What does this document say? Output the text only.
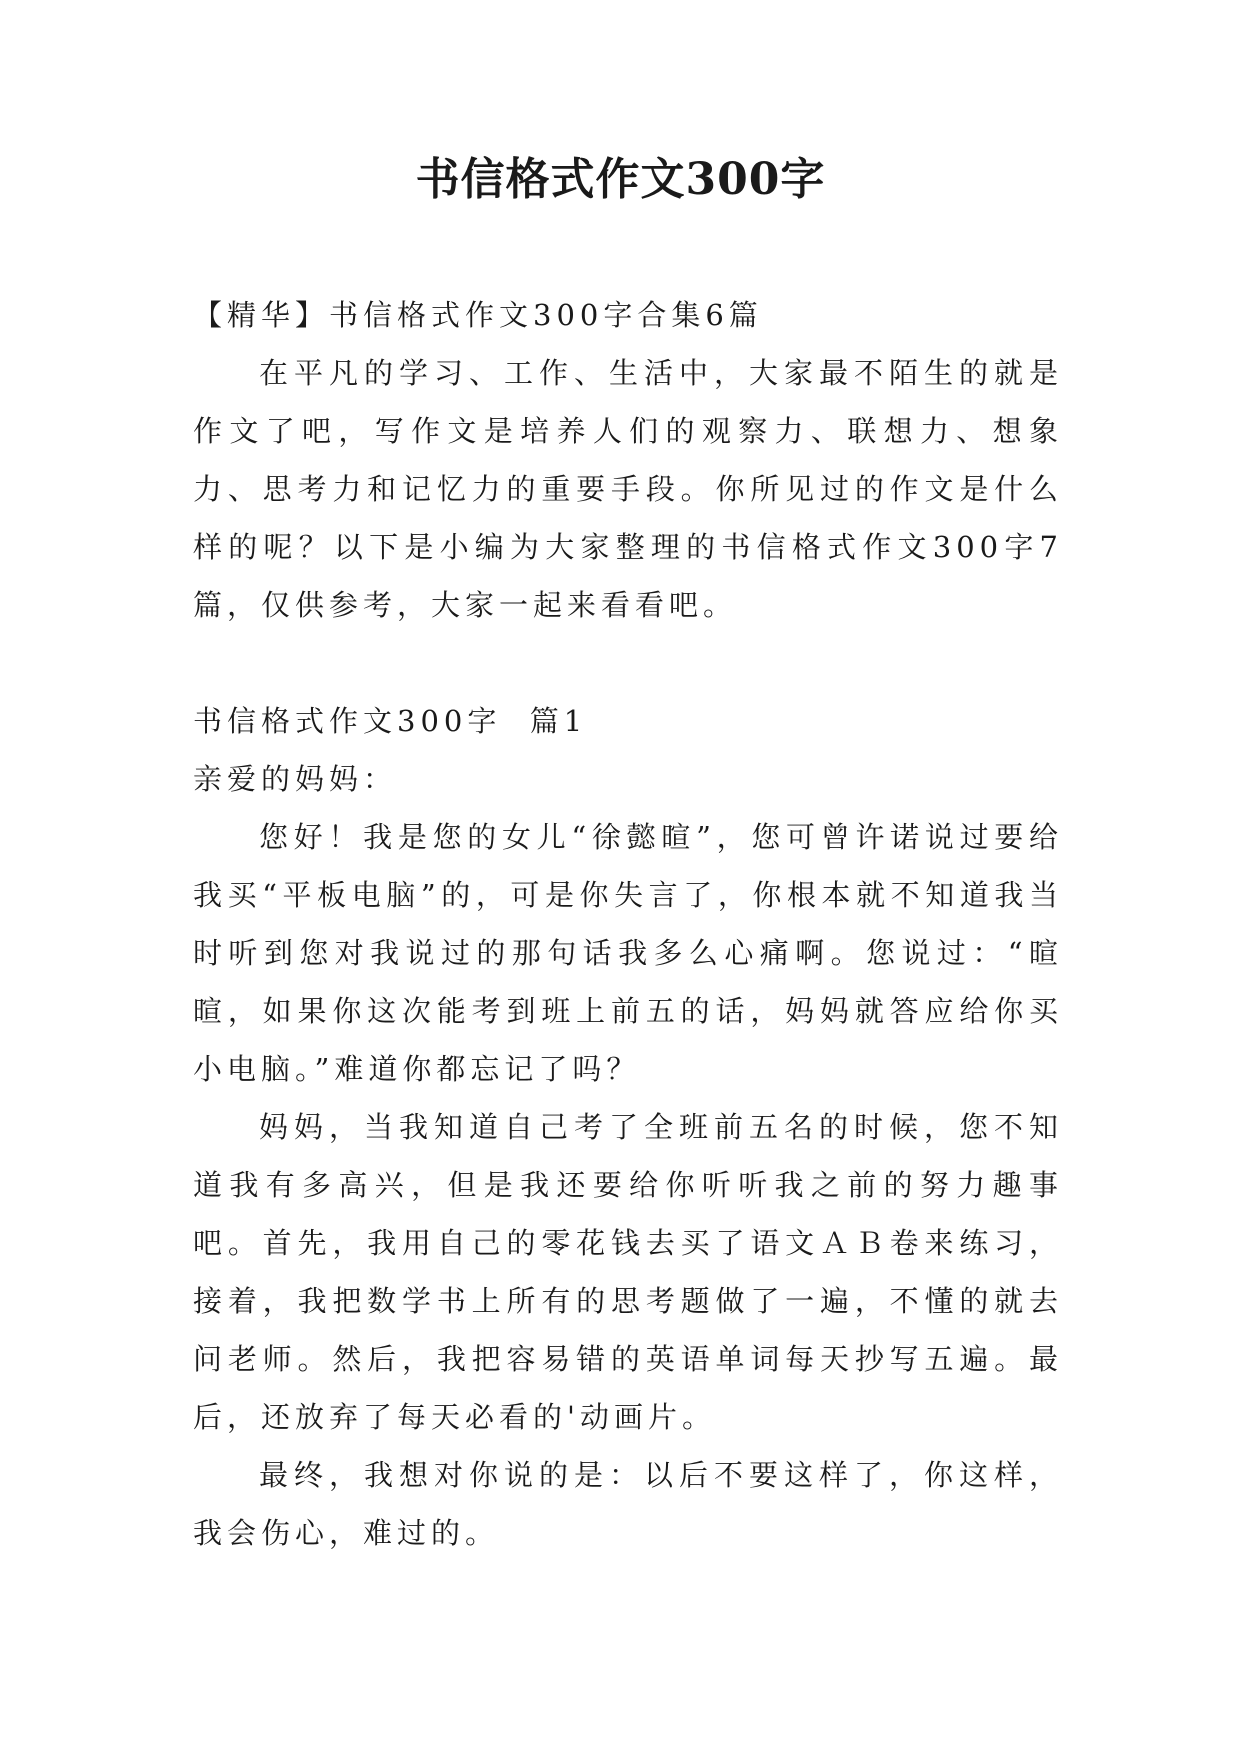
书信格式作文300字

【精华】书信格式作文300字合集6篇

在平凡的学习、工作、生活中，大家最不陌生的就是作文了吧，写作文是培养人们的观察力、联想力、想象力、思考力和记忆力的重要手段。你所见过的作文是什么样的呢？以下是小编为大家整理的书信格式作文300字7篇，仅供参考，大家一起来看看吧。

书信格式作文300字  篇1

亲爱的妈妈：

您好！我是您的女儿“徐懿暄”，您可曾许诺说过要给我买“平板电脑”的，可是你失言了，你根本就不知道我当时听到您对我说过的那句话我多么心痛啊。您说过：“暄暄，如果你这次能考到班上前五的话，妈妈就答应给你买小电脑。”难道你都忘记了吗？

妈妈，当我知道自己考了全班前五名的时候，您不知道我有多高兴，但是我还要给你听听我之前的努力趣事吧。首先，我用自己的零花钱去买了语文ＡＢ卷来练习，接着，我把数学书上所有的思考题做了一遍，不懂的就去问老师。然后，我把容易错的英语单词每天抄写五遍。最后，还放弃了每天必看的'动画片。

最终，我想对你说的是：以后不要这样了，你这样，我会伤心，难过的。
